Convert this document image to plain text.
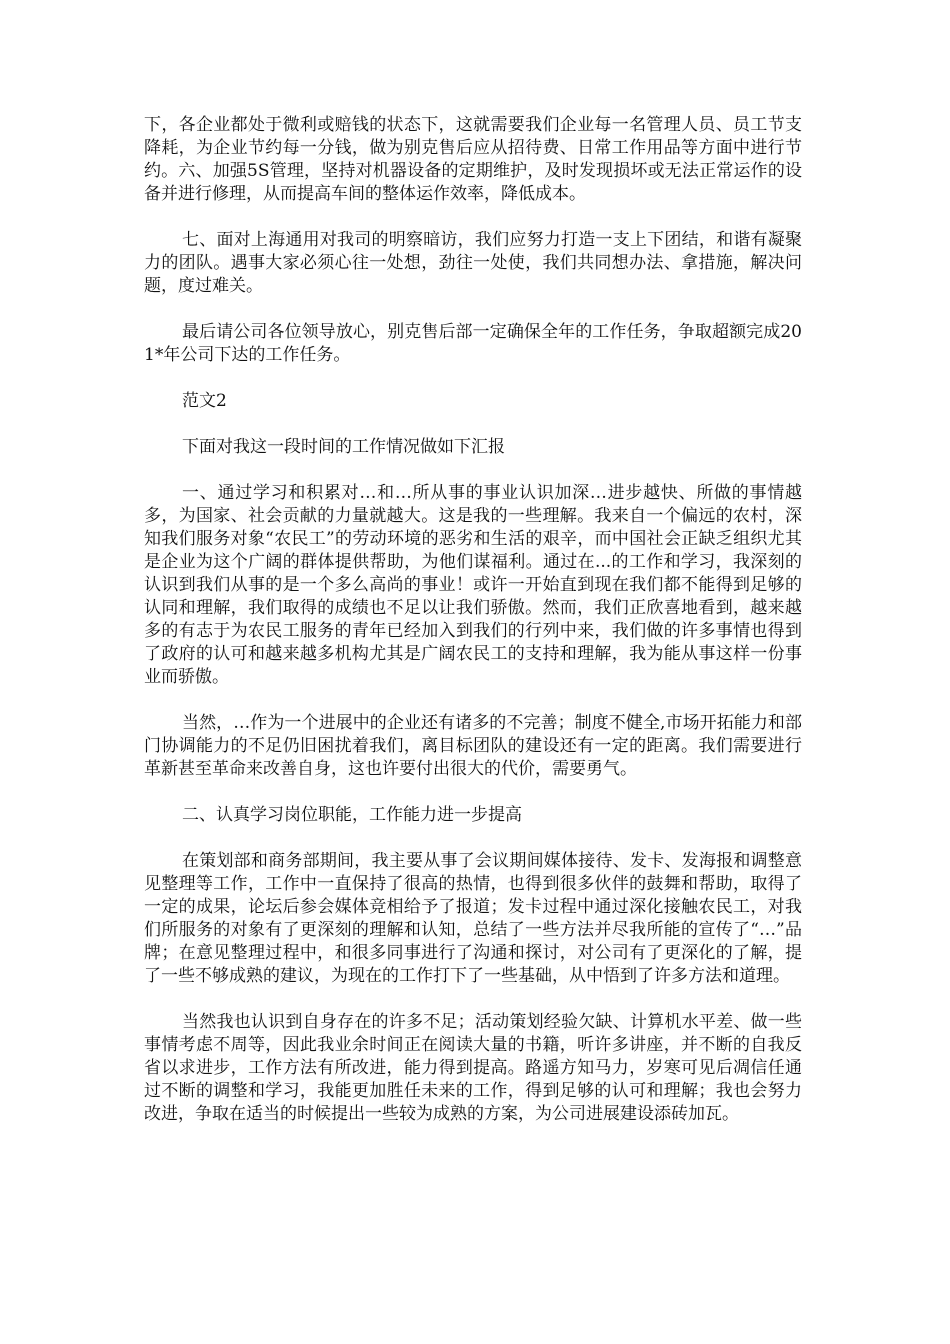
下，各企业都处于微利或赔钱的状态下，这就需要我们企业每一名管理人员、员工节支降耗，为企业节约每一分钱，做为别克售后应从招待费、日常工作用品等方面中进行节约。六、加强5S管理，坚持对机器设备的定期维护，及时发现损坏或无法正常运作的设备并进行修理，从而提高车间的整体运作效率，降低成本。

七、面对上海通用对我司的明察暗访，我们应努力打造一支上下团结，和谐有凝聚力的团队。遇事大家必须心往一处想，劲往一处使，我们共同想办法、拿措施，解决问题，度过难关。

最后请公司各位领导放心，别克售后部一定确保全年的工作任务，争取超额完成201*年公司下达的工作任务。

范文2

下面对我这一段时间的工作情况做如下汇报

一、通过学习和积累对…和…所从事的事业认识加深…进步越快、所做的事情越多，为国家、社会贡献的力量就越大。这是我的一些理解。我来自一个偏远的农村，深知我们服务对象“农民工”的劳动环境的恶劣和生活的艰辛，而中国社会正缺乏组织尤其是企业为这个广阔的群体提供帮助，为他们谋福利。通过在...的工作和学习，我深刻的认识到我们从事的是一个多么高尚的事业！或许一开始直到现在我们都不能得到足够的认同和理解，我们取得的成绩也不足以让我们骄傲。然而，我们正欣喜地看到，越来越多的有志于为农民工服务的青年已经加入到我们的行列中来，我们做的许多事情也得到了政府的认可和越来越多机构尤其是广阔农民工的支持和理解，我为能从事这样一份事业而骄傲。

当然，…作为一个进展中的企业还有诸多的不完善；制度不健全,市场开拓能力和部门协调能力的不足仍旧困扰着我们，离目标团队的建设还有一定的距离。我们需要进行革新甚至革命来改善自身，这也许要付出很大的代价，需要勇气。

二、认真学习岗位职能，工作能力进一步提高

在策划部和商务部期间，我主要从事了会议期间媒体接待、发卡、发海报和调整意见整理等工作，工作中一直保持了很高的热情，也得到很多伙伴的鼓舞和帮助，取得了一定的成果，论坛后参会媒体竞相给予了报道；发卡过程中通过深化接触农民工，对我们所服务的对象有了更深刻的理解和认知，总结了一些方法并尽我所能的宣传了“…”品牌；在意见整理过程中，和很多同事进行了沟通和探讨，对公司有了更深化的了解，提了一些不够成熟的建议，为现在的工作打下了一些基础，从中悟到了许多方法和道理。

当然我也认识到自身存在的许多不足；活动策划经验欠缺、计算机水平差、做一些事情考虑不周等，因此我业余时间正在阅读大量的书籍，听许多讲座，并不断的自我反省以求进步，工作方法有所改进，能力得到提高。路遥方知马力，岁寒可见后凋信任通过不断的调整和学习，我能更加胜任未来的工作，得到足够的认可和理解；我也会努力改进，争取在适当的时候提出一些较为成熟的方案，为公司进展建设添砖加瓦。
